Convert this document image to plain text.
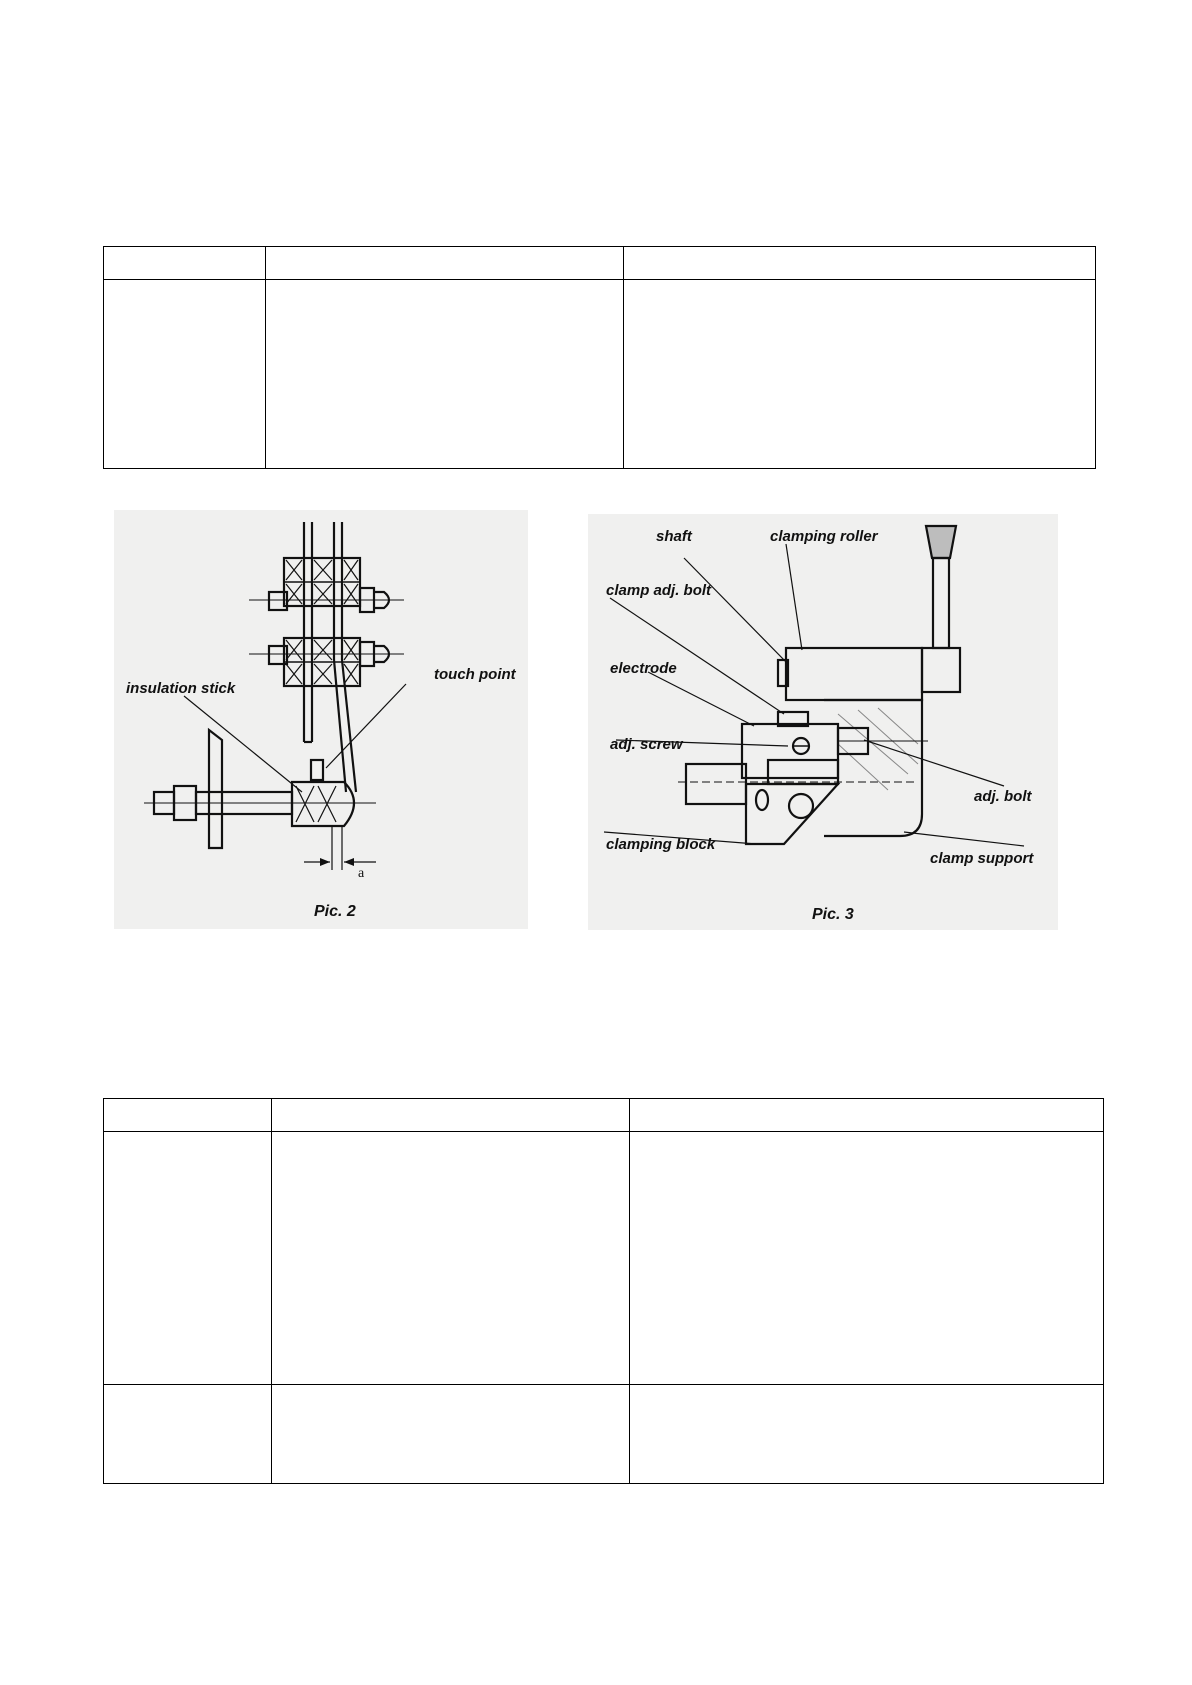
insulation stick
touch point
a
Pic. 2
shaft	clamping roller
clamp adj. bolt
electrode
adj. screw
adj. bolt
clamping block
clamp support
Pic. 3
